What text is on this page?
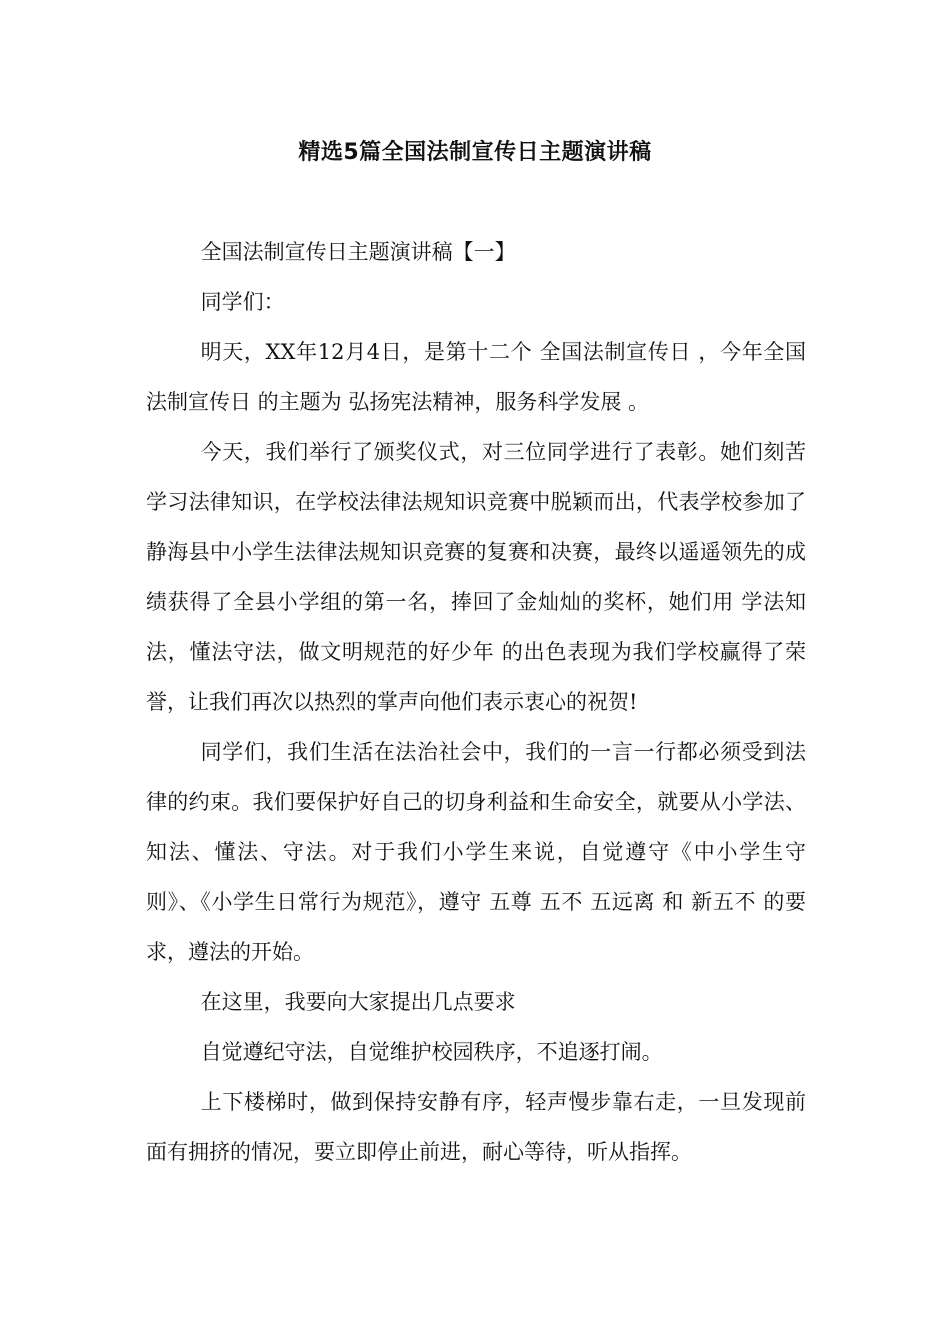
精选5篇全国法制宣传日主题演讲稿

全国法制宣传日主题演讲稿【一】

同学们：

明天，XX年12月4日，是第十二个 全国法制宣传日 ，今年全国法制宣传日 的主题为 弘扬宪法精神，服务科学发展 。

今天，我们举行了颁奖仪式，对三位同学进行了表彰。她们刻苦学习法律知识，在学校法律法规知识竞赛中脱颖而出，代表学校参加了静海县中小学生法律法规知识竞赛的复赛和决赛，最终以遥遥领先的成绩获得了全县小学组的第一名，捧回了金灿灿的奖杯，她们用 学法知法，懂法守法，做文明规范的好少年 的出色表现为我们学校赢得了荣誉，让我们再次以热烈的掌声向他们表示衷心的祝贺!

同学们，我们生活在法治社会中，我们的一言一行都必须受到法律的约束。我们要保护好自己的切身利益和生命安全，就要从小学法、知法、懂法、守法。对于我们小学生来说，自觉遵守《中小学生守则》、《小学生日常行为规范》，遵守 五尊 五不 五远离 和 新五不 的要求，遵法的开始。

在这里，我要向大家提出几点要求

自觉遵纪守法，自觉维护校园秩序，不追逐打闹。

上下楼梯时，做到保持安静有序，轻声慢步靠右走，一旦发现前面有拥挤的情况，要立即停止前进，耐心等待，听从指挥。
